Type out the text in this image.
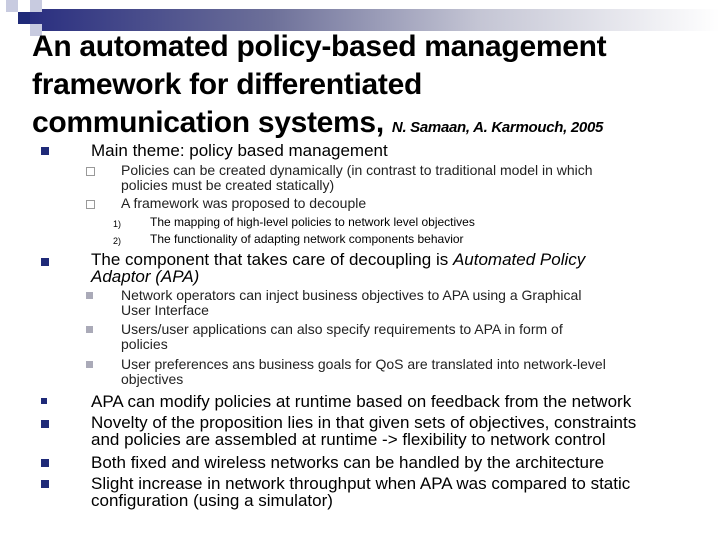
An automated policy-based management
framework for differentiated
communication systems, N. Samaan, A. Karmouch, 2005
Main theme: policy based management
Policies can be created dynamically (in contrast to traditional model in which
policies must be created statically)
A framework was proposed to decouple
1) The mapping of high-level policies to network level objectives
2) The functionality of adapting network components behavior
The component that takes care of decoupling is Automated Policy
Adaptor (APA)
Network operators can inject business objectives to APA using a Graphical
User Interface
Users/user applications can also specify requirements to APA in form of
policies
User preferences ans business goals for QoS are translated into network-level
objectives
APA can modify policies at runtime based on feedback from the network
Novelty of the proposition lies in that given sets of objectives, constraints
and policies are assembled at runtime -> flexibility to network control
Both fixed and wireless networks can be handled by the architecture
Slight increase in network throughput when APA was compared to static
configuration (using a simulator)
